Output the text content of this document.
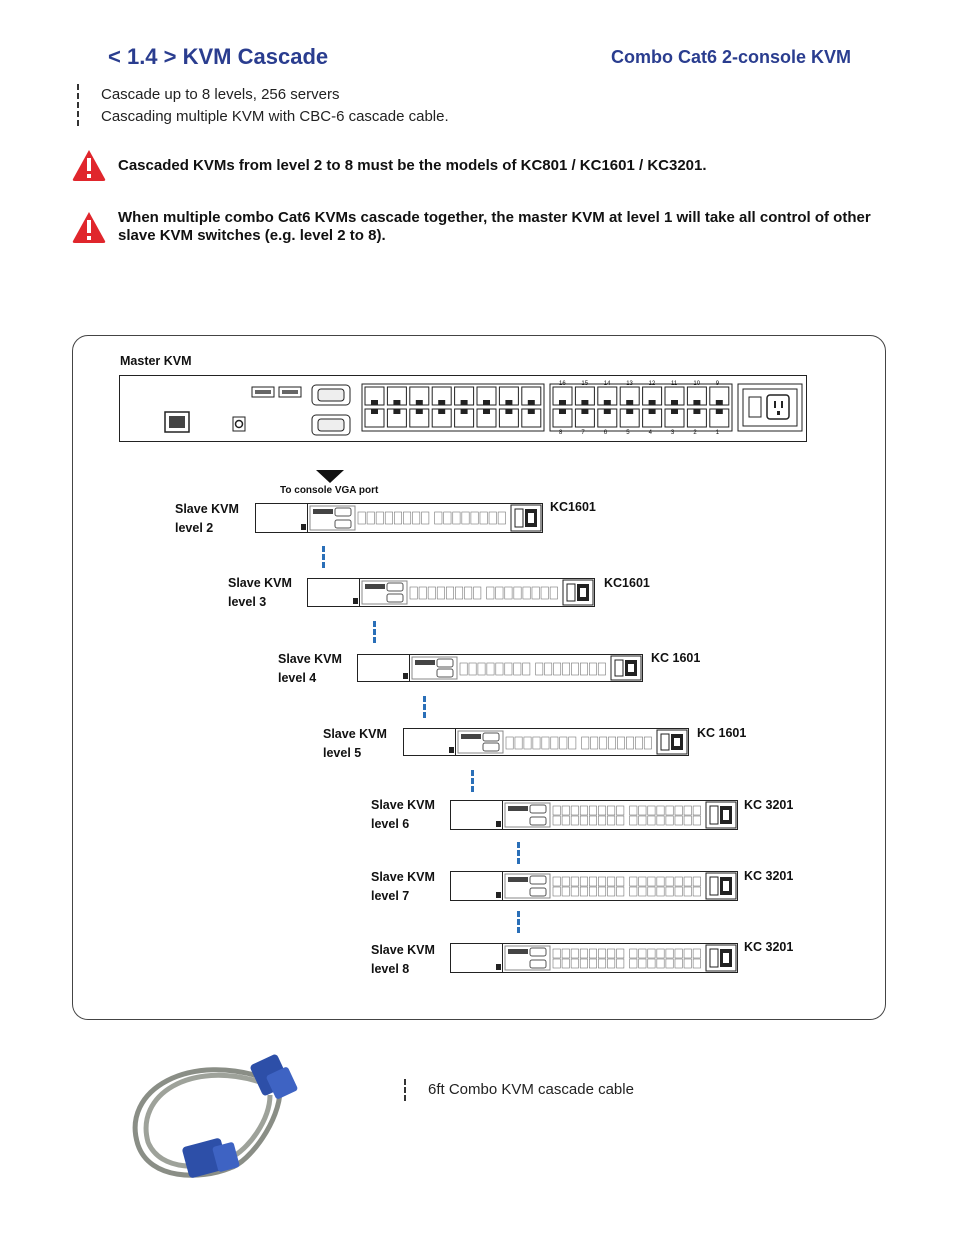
< 1.4 > KVM Cascade	Combo Cat6 2-console KVM
Cascade up to 8 levels, 256 servers
Cascading multiple KVM with CBC-6 cascade cable.
Cascaded KVMs from level 2 to 8 must be the models of KC801 / KC1601 / KC3201.
When multiple combo Cat6 KVMs cascade together, the master KVM at level 1 will take all control of other slave KVM switches (e.g. level 2 to 8).
Master KVM
16	15	14	13	12	11	10	9
8	7	6	5	4	3	2	1
To console VGA port
Slave KVM
level 2
KC1601
Slave KVM
level 3
KC1601
Slave KVM
level 4
KC 1601
Slave KVM
level 5
KC 1601
Slave KVM
level 6
KC 3201
Slave KVM
level 7
KC 3201
Slave KVM
level 8
KC 3201
6ft Combo KVM cascade cable
